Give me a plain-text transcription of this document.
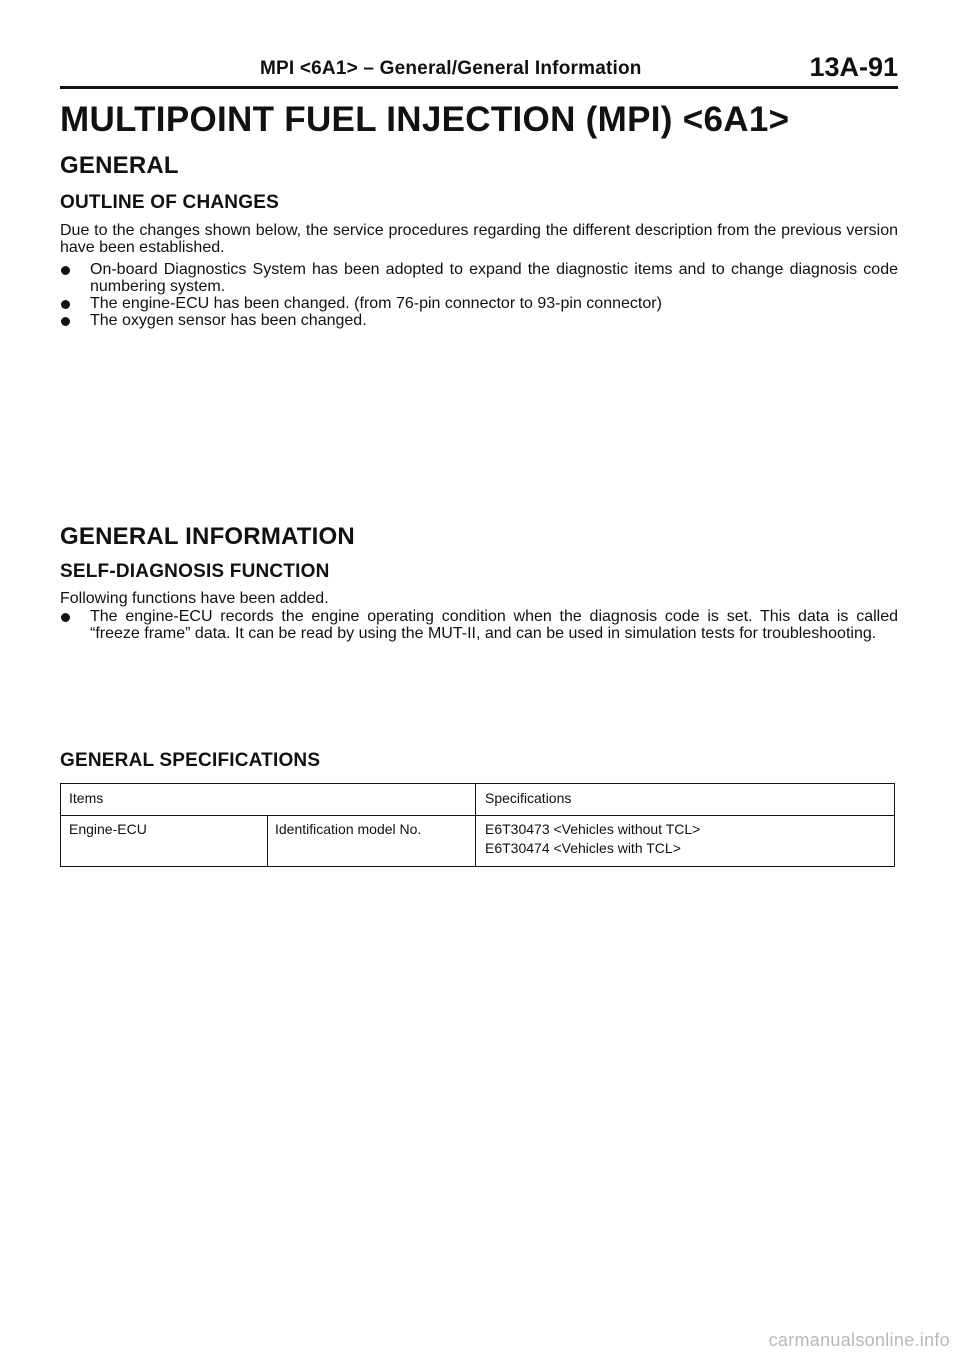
MPI <6A1> – General/General Information	13A-91
MULTIPOINT FUEL INJECTION (MPI) <6A1>
GENERAL
OUTLINE OF CHANGES
Due to the changes shown below, the service procedures regarding the different description from the previous version have been established.
On-board Diagnostics System has been adopted to expand the diagnostic items and to change diagnosis code numbering system.
The engine-ECU has been changed. (from 76-pin connector to 93-pin connector)
The oxygen sensor has been changed.
GENERAL INFORMATION
SELF-DIAGNOSIS FUNCTION
Following functions have been added.
The engine-ECU records the engine operating condition when the diagnosis code is set. This data is called “freeze frame” data. It can be read by using the MUT-II, and can be used in simulation tests for troubleshooting.
GENERAL SPECIFICATIONS
Items	Specifications
Engine-ECU	Identification model No.	E6T30473 <Vehicles without TCL>
E6T30474 <Vehicles with TCL>
carmanualsonline.info
